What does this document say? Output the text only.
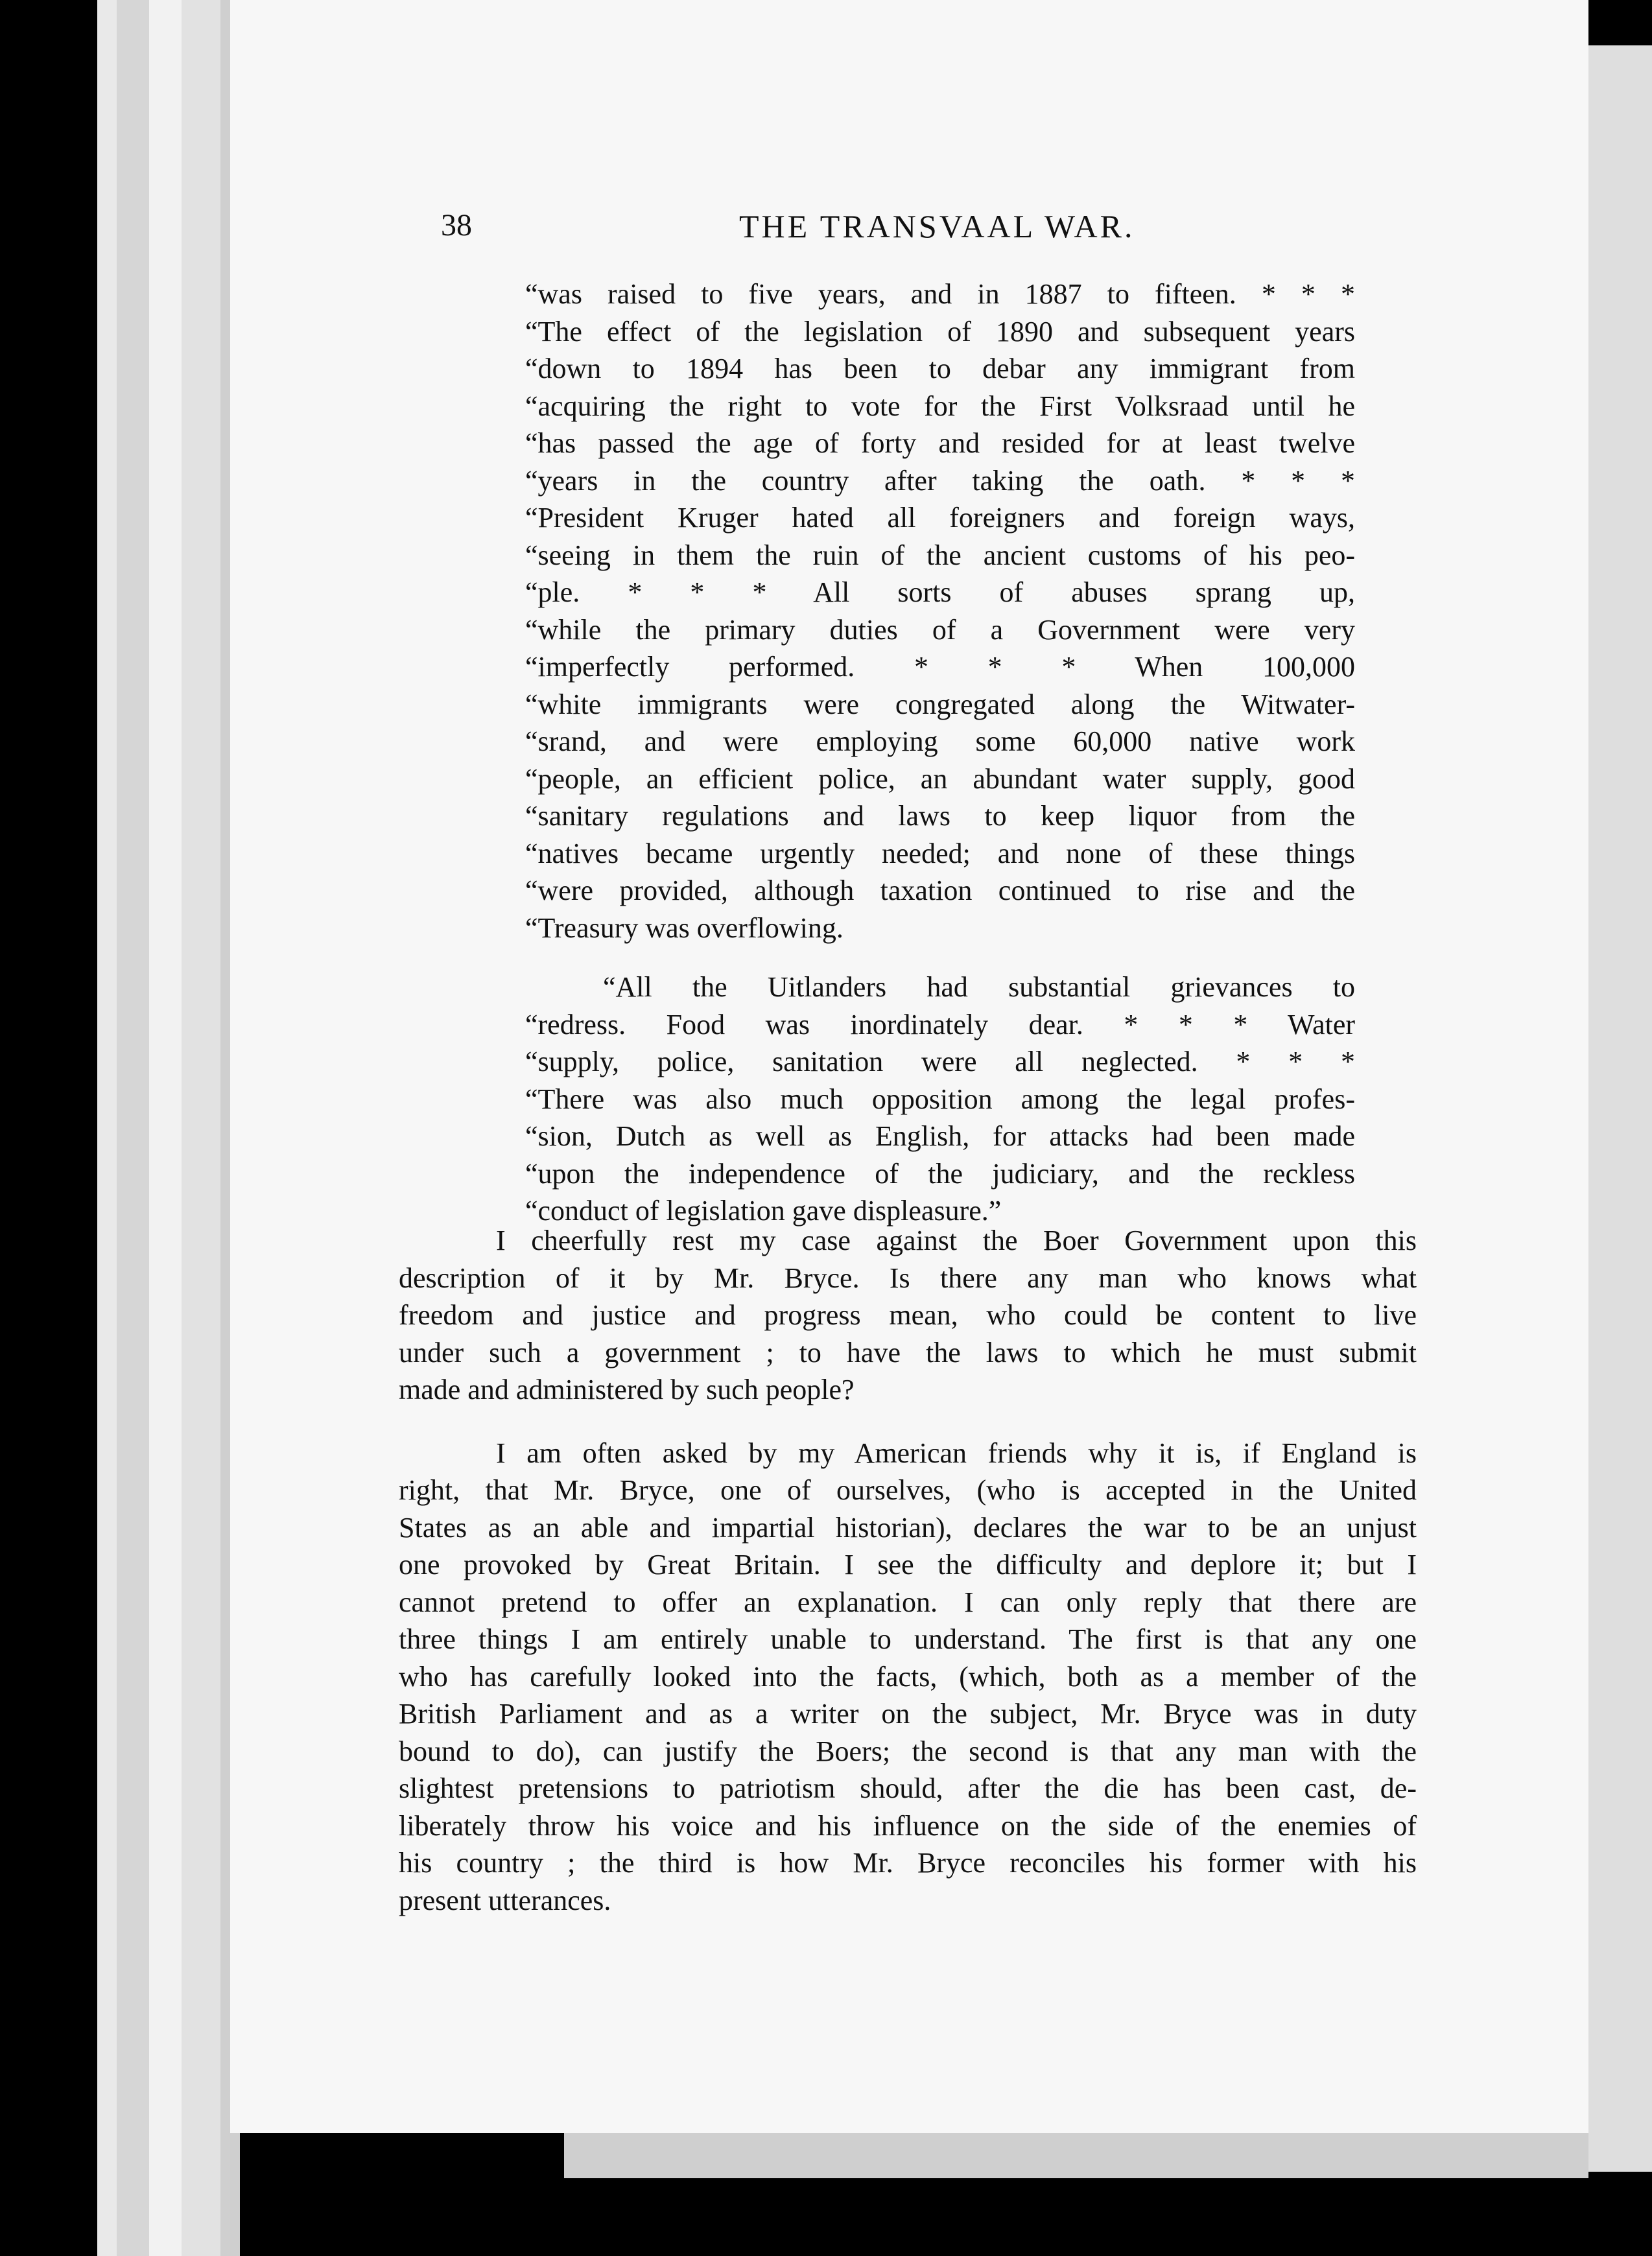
38	THE TRANSVAAL WAR.
“was raised to five years, and in 1887 to fifteen. * * *
“The effect of the legislation of 1890 and subsequent years
“down to 1894 has been to debar any immigrant from
“acquiring the right to vote for the First Volksraad until he
“has passed the age of forty and resided for at least twelve
“years in the country after taking the oath. * * *
“President Kruger hated all foreigners and foreign ways,
“seeing in them the ruin of the ancient customs of his peo-
“ple. * * * All sorts of abuses sprang up,
“while the primary duties of a Government were very
“imperfectly performed. * * * When 100,000
“white immigrants were congregated along the Witwater-
“srand, and were employing some 60,000 native work
“people, an efficient police, an abundant water supply, good
“sanitary regulations and laws to keep liquor from the
“natives became urgently needed; and none of these things
“were provided, although taxation continued to rise and the
“Treasury was overflowing.
“All the Uitlanders had substantial grievances to
“redress. Food was inordinately dear. * * * Water
“supply, police, sanitation were all neglected. * * *
“There was also much opposition among the legal profes-
“sion, Dutch as well as English, for attacks had been made
“upon the independence of the judiciary, and the reckless
“conduct of legislation gave displeasure.”
I cheerfully rest my case against the Boer Government upon this
description of it by Mr. Bryce. Is there any man who knows what
freedom and justice and progress mean, who could be content to live
under such a government ; to have the laws to which he must submit
made and administered by such people?
I am often asked by my American friends why it is, if England is
right, that Mr. Bryce, one of ourselves, (who is accepted in the United
States as an able and impartial historian), declares the war to be an unjust
one provoked by Great Britain. I see the difficulty and deplore it; but I
cannot pretend to offer an explanation. I can only reply that there are
three things I am entirely unable to understand. The first is that any one
who has carefully looked into the facts, (which, both as a member of the
British Parliament and as a writer on the subject, Mr. Bryce was in duty
bound to do), can justify the Boers; the second is that any man with the
slightest pretensions to patriotism should, after the die has been cast, de-
liberately throw his voice and his influence on the side of the enemies of
his country ; the third is how Mr. Bryce reconciles his former with his
present utterances.
